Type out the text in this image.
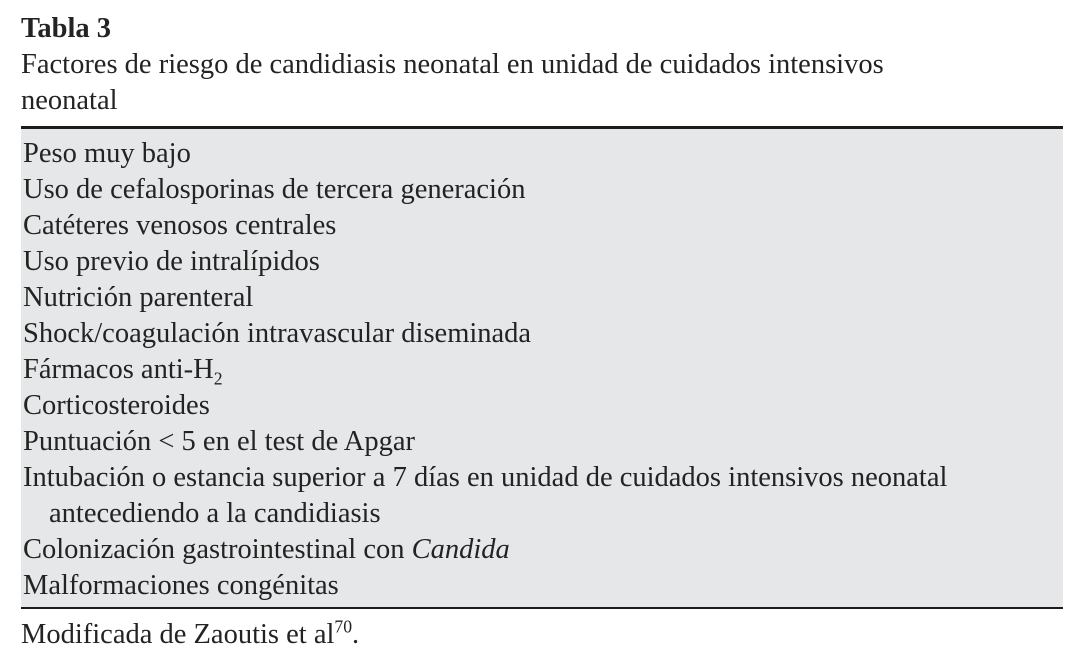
Tabla 3
Factores de riesgo de candidiasis neonatal en unidad de cuidados intensivos
neonatal
Peso muy bajo
Uso de cefalosporinas de tercera generación
Catéteres venosos centrales
Uso previo de intralípidos
Nutrición parenteral
Shock/coagulación intravascular diseminada
Fármacos anti-$H_2$
Corticosteroides
Puntuación < 5 en el test de Apgar
Intubación o estancia superior a 7 días en unidad de cuidados intensivos neonatal
antecediendo a la candidiasis
Colonización gastrointestinal con Candida
Malformaciones congénitas
Modificada de Zaoutis et $al^{70}$.
